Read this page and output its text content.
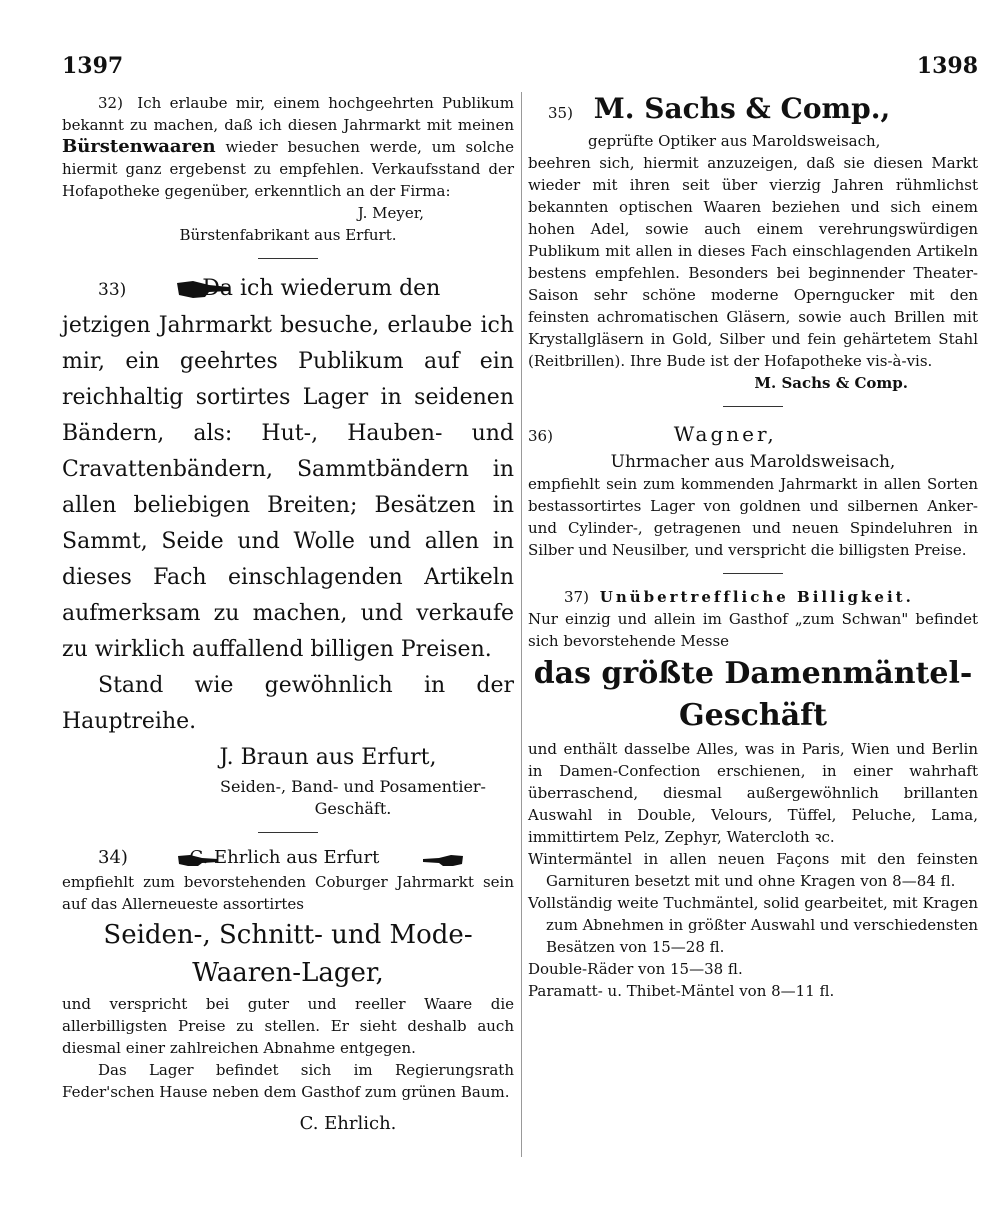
1397	1398

32) Ich erlaube mir, einem hochgeehrten Publikum bekannt zu machen, daß ich diesen Jahrmarkt mit meinen Bürstenwaaren wieder besuchen werde, um solche hiermit ganz ergebenst zu empfehlen. Verkaufsstand der Hofapotheke gegenüber, erkenntlich an der Firma:

J. Meyer,

Bürstenfabrikant aus Erfurt.

33)	Da ich wiederum den

jetzigen Jahrmarkt besuche, erlaube ich mir, ein geehrtes Publikum auf ein reichhaltig sortirtes Lager in seidenen Bändern, als: Hut-, Hauben- und Cravattenbändern, Sammtbändern in allen beliebigen Breiten; Besätzen in Sammt, Seide und Wolle und allen in dieses Fach einschlagenden Artikeln aufmerksam zu machen, und verkaufe zu wirklich auffallend billigen Preisen.

Stand wie gewöhnlich in der Hauptreihe.

J. Braun aus Erfurt,

Seiden-, Band- und Posamentier-Geschäft.

34)	C. Ehrlich aus Erfurt

empfiehlt zum bevorstehenden Coburger Jahrmarkt sein auf das Allerneueste assortirtes

Seiden-, Schnitt- und Mode-

Waaren-Lager,

und verspricht bei guter und reeller Waare die allerbilligsten Preise zu stellen. Er sieht deshalb auch diesmal einer zahlreichen Abnahme entgegen.

Das Lager befindet sich im Regierungsrath Feder'schen Hause neben dem Gasthof zum grünen Baum.

C. Ehrlich.

35) M. Sachs & Comp.,

geprüfte Optiker aus Maroldsweisach,

beehren sich, hiermit anzuzeigen, daß sie diesen Markt wieder mit ihren seit über vierzig Jahren rühmlichst bekannten optischen Waaren beziehen und sich einem hohen Adel, sowie auch einem verehrungswürdigen Publikum mit allen in dieses Fach einschlagenden Artikeln bestens empfehlen. Besonders bei beginnender Theater-Saison sehr schöne moderne Operngucker mit den feinsten achromatischen Gläsern, sowie auch Brillen mit Krystallgläsern in Gold, Silber und fein gehärtetem Stahl (Reitbrillen). Ihre Bude ist der Hofapotheke vis-à-vis.

M. Sachs & Comp.

36)	Wagner,

Uhrmacher aus Maroldsweisach,

empfiehlt sein zum kommenden Jahrmarkt in allen Sorten bestassortirtes Lager von goldnen und silbernen Anker- und Cylinder-, getragenen und neuen Spindeluhren in Silber und Neusilber, und verspricht die billigsten Preise.

37) Unübertreffliche Billigkeit.

Nur einzig und allein im Gasthof „zum Schwan" befindet sich bevorstehende Messe

das größte Damenmäntel-

Geschäft

und enthält dasselbe Alles, was in Paris, Wien und Berlin in Damen-Confection erschienen, in einer wahrhaft überraschend, diesmal außergewöhnlich brillanten Auswahl in Double, Velours, Tüffel, Peluche, Lama, immittirtem Pelz, Zephyr, Watercloth ꝛc.

Wintermäntel in allen neuen Façons mit den feinsten Garnituren besetzt mit und ohne Kragen von 8—84 fl.

Vollständig weite Tuchmäntel, solid gearbeitet, mit Kragen zum Abnehmen in größter Auswahl und verschiedensten Besätzen von 15—28 fl.

Double-Räder von 15—38 fl.

Paramatt- u. Thibet-Mäntel von 8—11 fl.
